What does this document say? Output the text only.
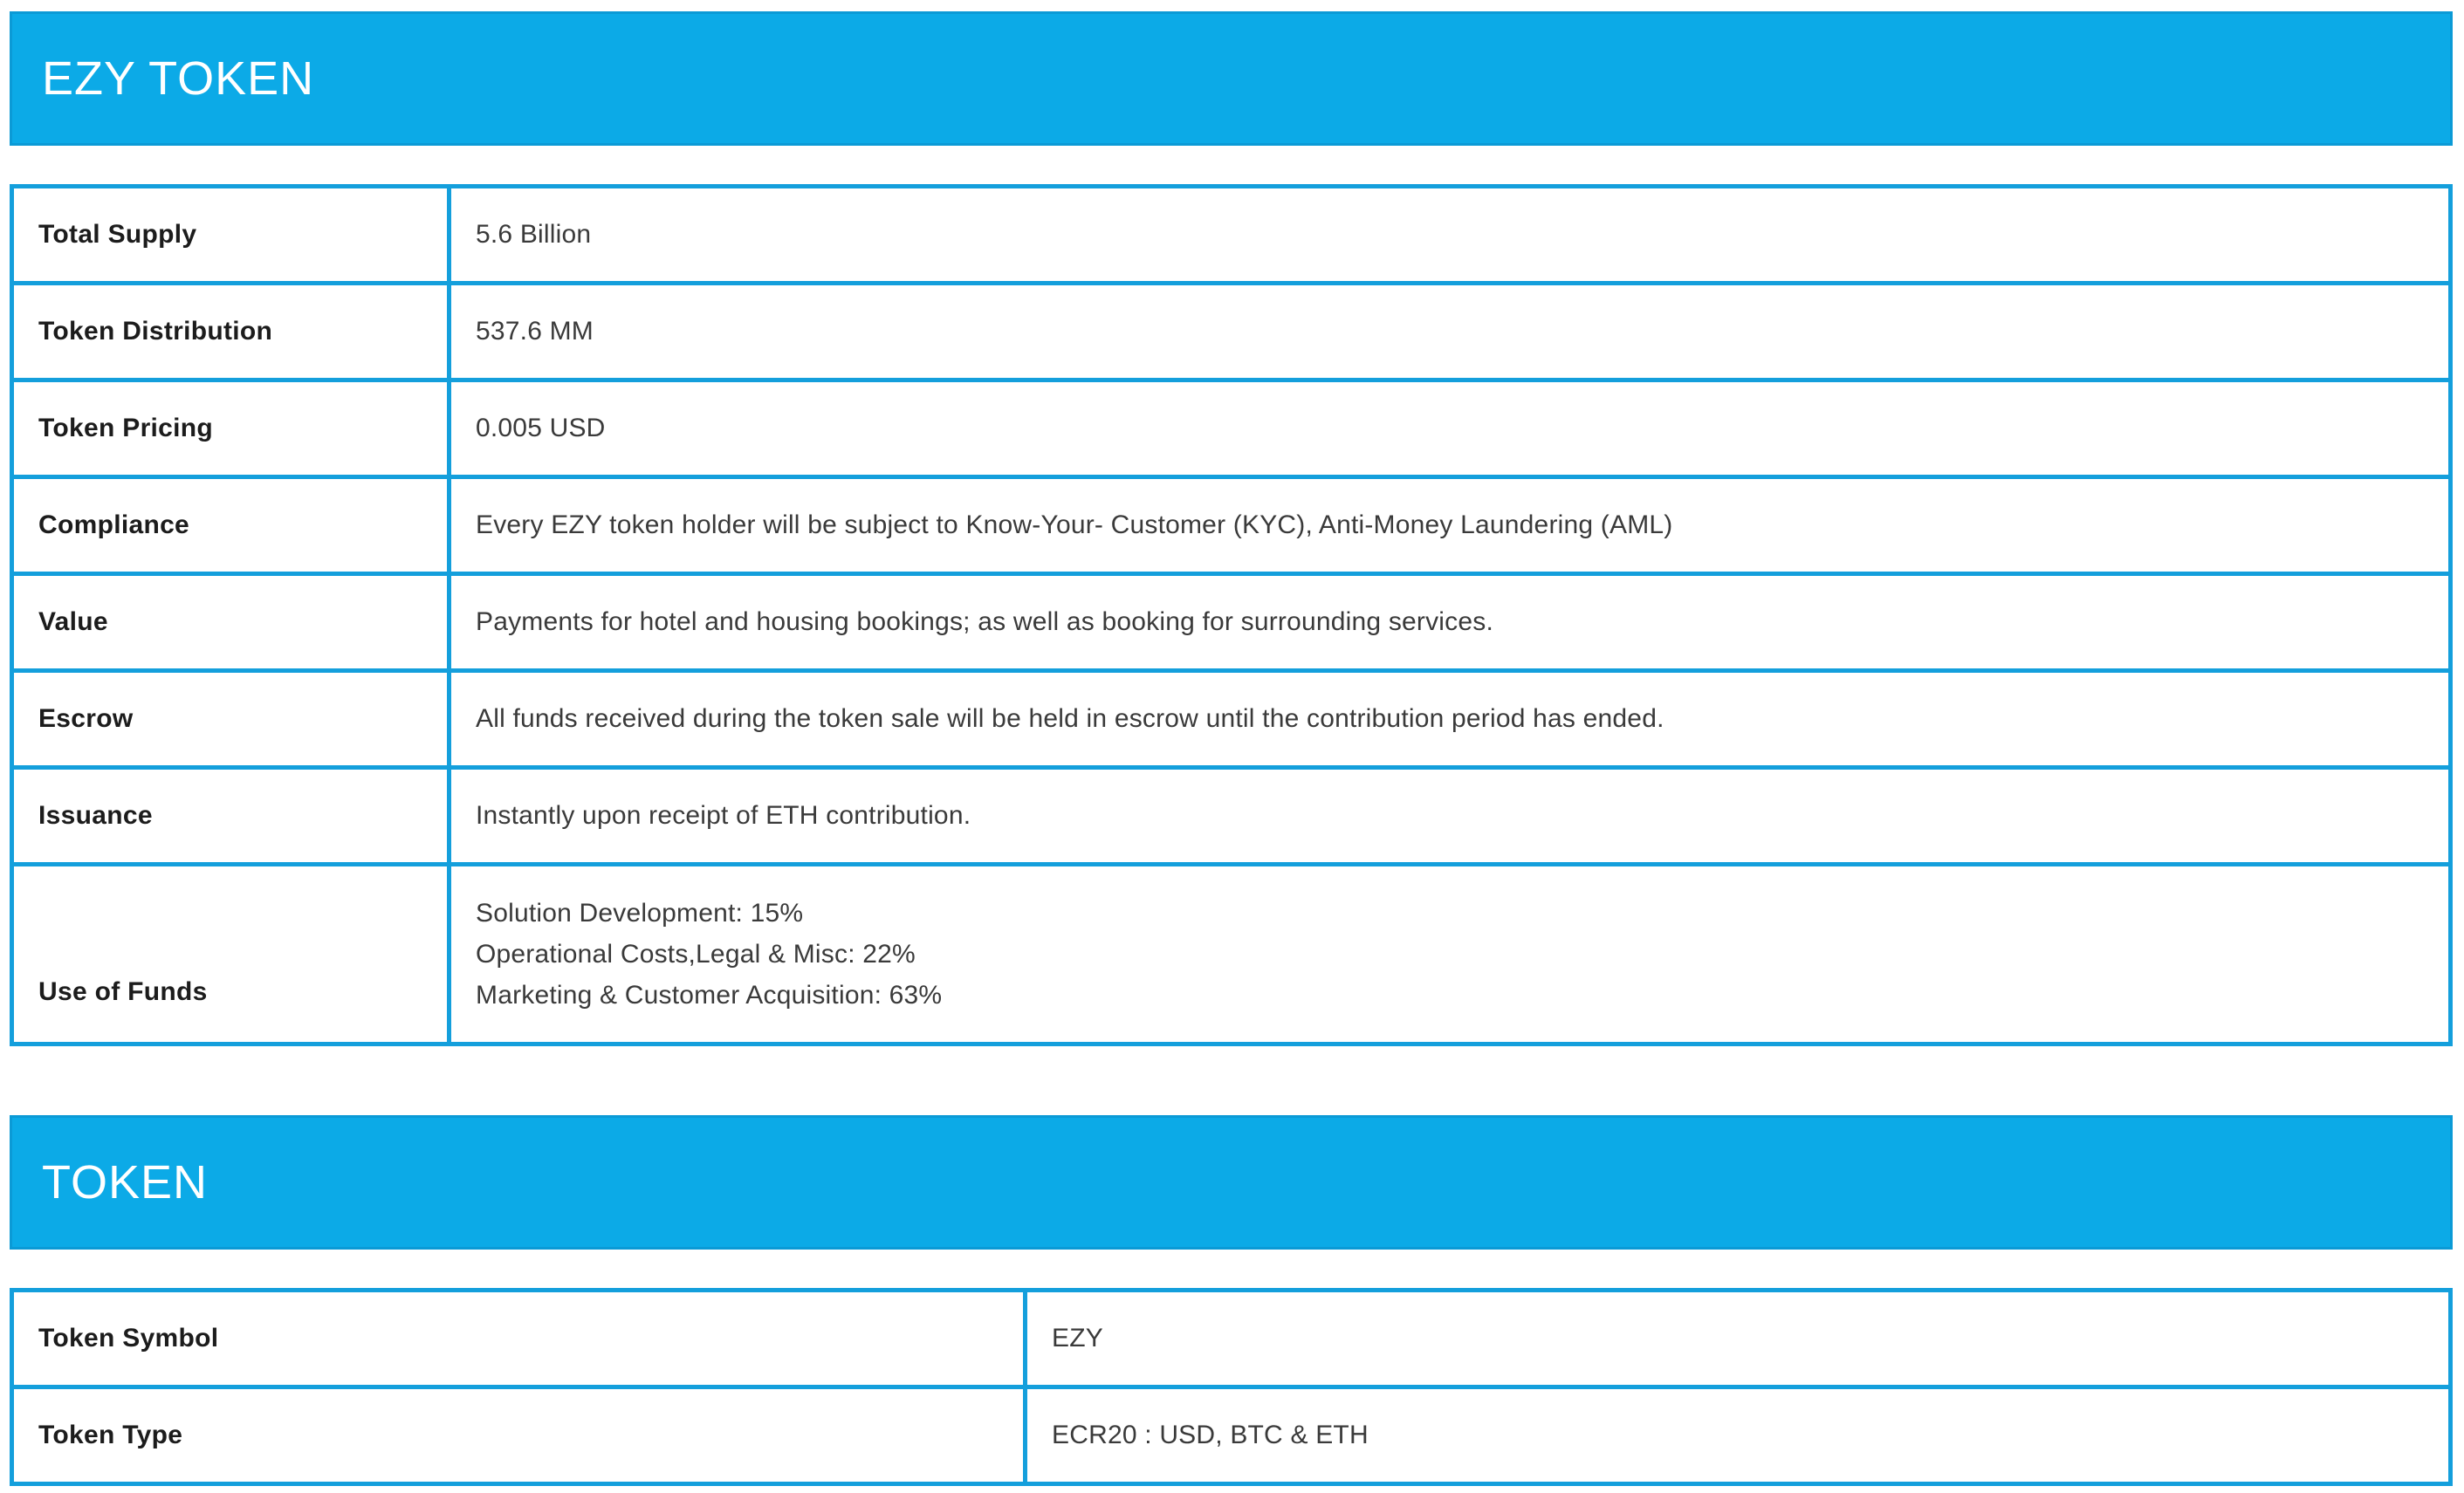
EZY TOKEN
Total Supply	5.6 Billion
Token Distribution	537.6 MM
Token Pricing	0.005 USD
Compliance	Every EZY token holder will be subject to Know-Your- Customer (KYC), Anti-Money Laundering (AML)
Value	Payments for hotel and housing bookings; as well as booking for surrounding services.
Escrow	All funds received during the token sale will be held in escrow until the contribution period has ended.
Issuance	Instantly upon receipt of ETH contribution.
Use of Funds	Solution Development: 15%
Operational Costs,Legal & Misc: 22%
Marketing & Customer Acquisition: 63%
TOKEN
Token Symbol	EZY
Token Type	ECR20 : USD, BTC & ETH
